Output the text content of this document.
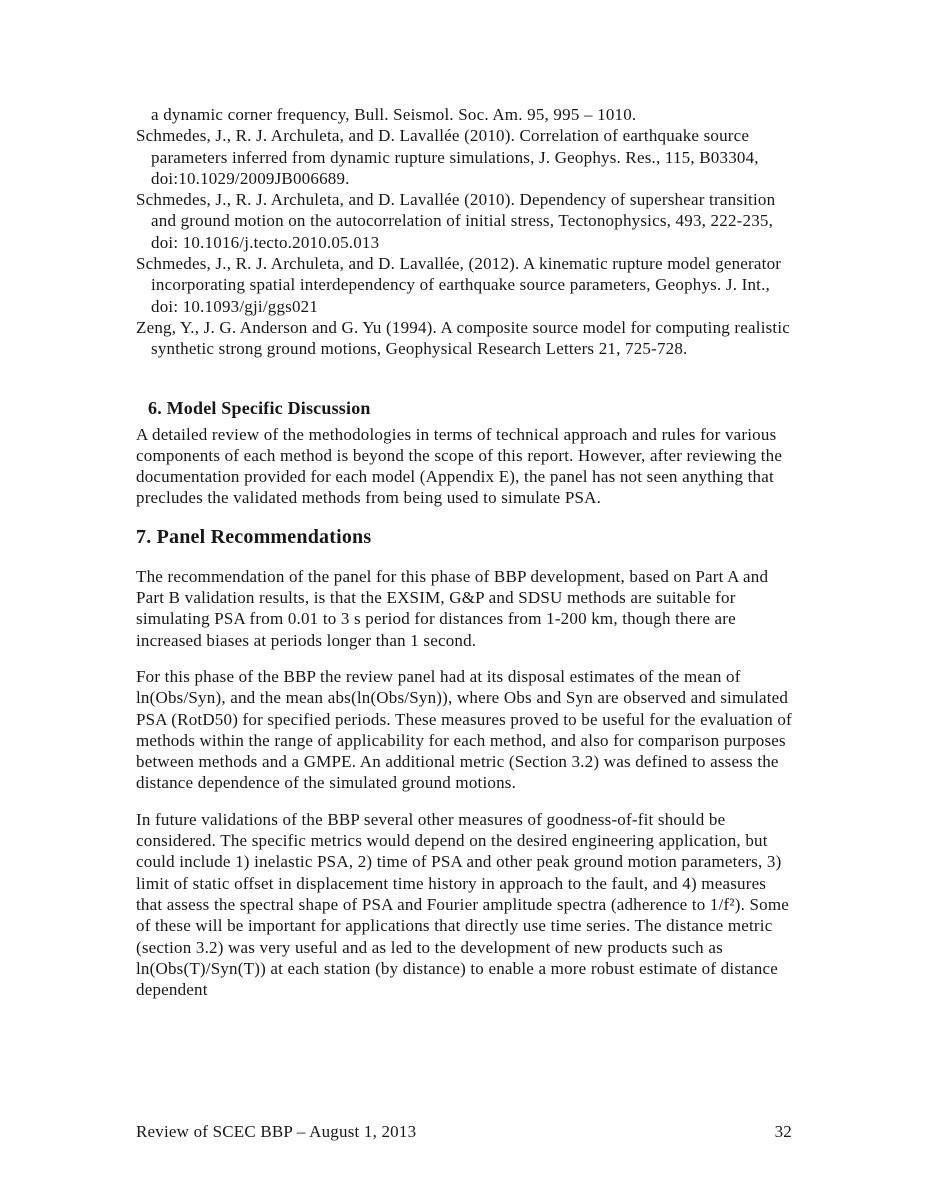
a dynamic corner frequency, Bull. Seismol. Soc. Am. 95, 995 – 1010.
Schmedes, J., R. J. Archuleta, and D. Lavallée (2010). Correlation of earthquake source parameters inferred from dynamic rupture simulations, J. Geophys. Res., 115, B03304, doi:10.1029/2009JB006689.
Schmedes, J., R. J. Archuleta, and D. Lavallée (2010). Dependency of supershear transition and ground motion on the autocorrelation of initial stress, Tectonophysics, 493, 222-235, doi: 10.1016/j.tecto.2010.05.013
Schmedes, J., R. J. Archuleta, and D. Lavallée, (2012). A kinematic rupture model generator incorporating spatial interdependency of earthquake source parameters, Geophys. J. Int., doi: 10.1093/gji/ggs021
Zeng, Y., J. G. Anderson and G. Yu (1994). A composite source model for computing realistic synthetic strong ground motions, Geophysical Research Letters 21, 725-728.
6. Model Specific Discussion
A detailed review of the methodologies in terms of technical approach and rules for various components of each method is beyond the scope of this report. However, after reviewing the documentation provided for each model (Appendix E), the panel has not seen anything that precludes the validated methods from being used to simulate PSA.
7. Panel Recommendations
The recommendation of the panel for this phase of BBP development, based on Part A and Part B validation results, is that the EXSIM, G&P and SDSU methods are suitable for simulating PSA from 0.01 to 3 s period for distances from 1-200 km, though there are increased biases at periods longer than 1 second.
For this phase of the BBP the review panel had at its disposal estimates of the mean of ln(Obs/Syn), and the mean abs(ln(Obs/Syn)), where Obs and Syn are observed and simulated PSA (RotD50) for specified periods. These measures proved to be useful for the evaluation of methods within the range of applicability for each method, and also for comparison purposes between methods and a GMPE. An additional metric (Section 3.2) was defined to assess the distance dependence of the simulated ground motions.
In future validations of the BBP several other measures of goodness-of-fit should be considered. The specific metrics would depend on the desired engineering application, but could include 1) inelastic PSA, 2) time of PSA and other peak ground motion parameters, 3) limit of static offset in displacement time history in approach to the fault, and 4) measures that assess the spectral shape of PSA and Fourier amplitude spectra (adherence to 1/f²). Some of these will be important for applications that directly use time series. The distance metric (section 3.2) was very useful and as led to the development of new products such as ln(Obs(T)/Syn(T)) at each station (by distance) to enable a more robust estimate of distance dependent
Review of SCEC BBP – August 1, 2013	32
